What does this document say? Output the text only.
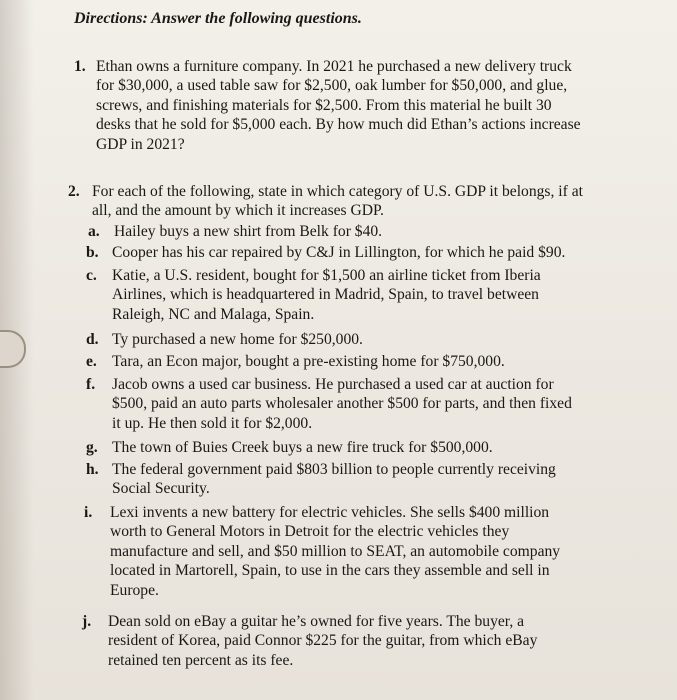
Directions: Answer the following questions.
1. Ethan owns a furniture company. In 2021 he purchased a new delivery truck
for $30,000, a used table saw for $2,500, oak lumber for $50,000, and glue,
screws, and finishing materials for $2,500. From this material he built 30
desks that he sold for $5,000 each. By how much did Ethan’s actions increase
GDP in 2021?
2. For each of the following, state in which category of U.S. GDP it belongs, if at
all, and the amount by which it increases GDP.
a. Hailey buys a new shirt from Belk for $40.
b. Cooper has his car repaired by C&J in Lillington, for which he paid $90.
c. Katie, a U.S. resident, bought for $1,500 an airline ticket from Iberia
Airlines, which is headquartered in Madrid, Spain, to travel between
Raleigh, NC and Malaga, Spain.
d. Ty purchased a new home for $250,000.
e. Tara, an Econ major, bought a pre-existing home for $750,000.
f. Jacob owns a used car business. He purchased a used car at auction for
$500, paid an auto parts wholesaler another $500 for parts, and then fixed
it up. He then sold it for $2,000.
g. The town of Buies Creek buys a new fire truck for $500,000.
h. The federal government paid $803 billion to people currently receiving
Social Security.
i. Lexi invents a new battery for electric vehicles. She sells $400 million
worth to General Motors in Detroit for the electric vehicles they
manufacture and sell, and $50 million to SEAT, an automobile company
located in Martorell, Spain, to use in the cars they assemble and sell in
Europe.
j. Dean sold on eBay a guitar he’s owned for five years. The buyer, a
resident of Korea, paid Connor $225 for the guitar, from which eBay
retained ten percent as its fee.
